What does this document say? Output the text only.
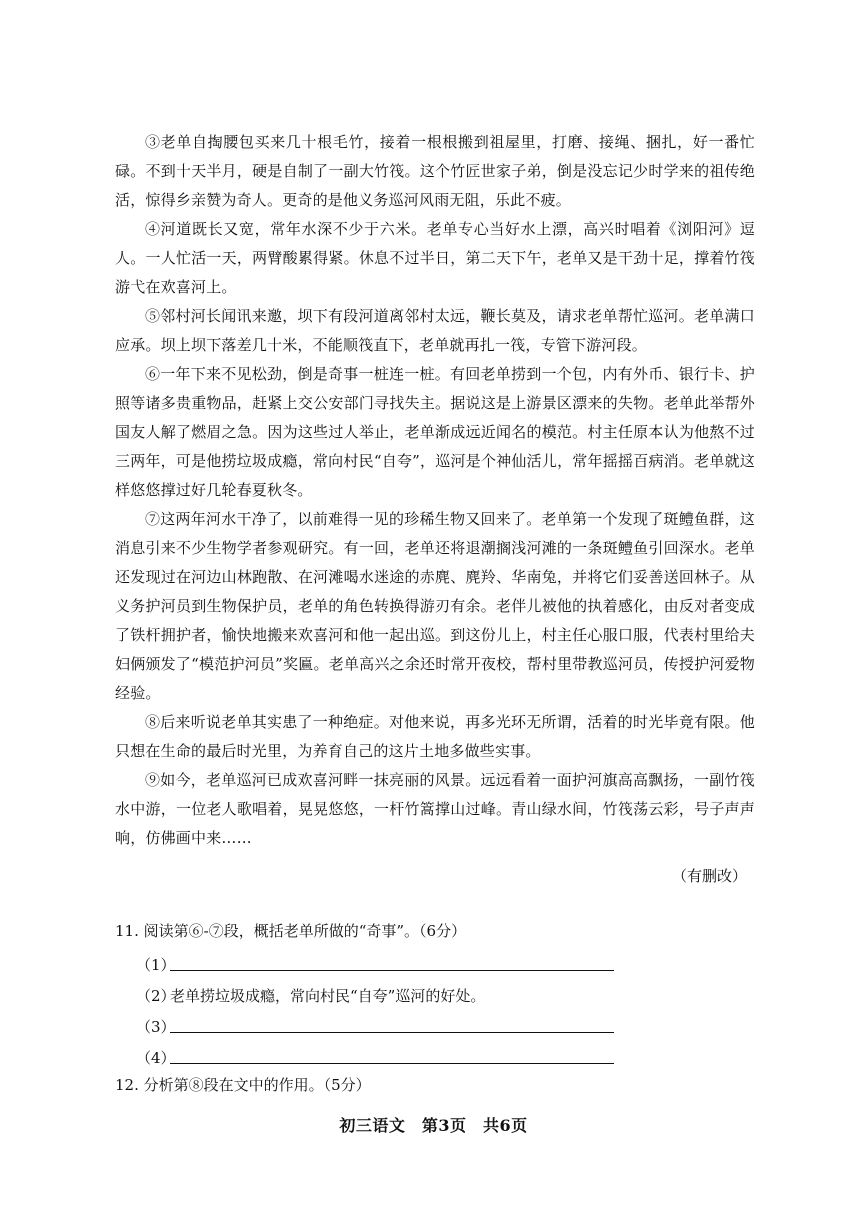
③老单自掏腰包买来几十根毛竹，接着一根根搬到祖屋里，打磨、接绳、捆扎，好一番忙碌。不到十天半月，硬是自制了一副大竹筏。这个竹匠世家子弟，倒是没忘记少时学来的祖传绝活，惊得乡亲赞为奇人。更奇的是他义务巡河风雨无阻，乐此不疲。

④河道既长又宽，常年水深不少于六米。老单专心当好水上漂，高兴时唱着《浏阳河》逗人。一人忙活一天，两臂酸累得紧。休息不过半日，第二天下午，老单又是干劲十足，撑着竹筏游弋在欢喜河上。

⑤邻村河长闻讯来邀，坝下有段河道离邻村太远，鞭长莫及，请求老单帮忙巡河。老单满口应承。坝上坝下落差几十米，不能顺筏直下，老单就再扎一筏，专管下游河段。

⑥一年下来不见松劲，倒是奇事一桩连一桩。有回老单捞到一个包，内有外币、银行卡、护照等诸多贵重物品，赶紧上交公安部门寻找失主。据说这是上游景区漂来的失物。老单此举帮外国友人解了燃眉之急。因为这些过人举止，老单渐成远近闻名的模范。村主任原本认为他熬不过三两年，可是他捞垃圾成瘾，常向村民“自夸”，巡河是个神仙活儿，常年摇摇百病消。老单就这样悠悠撑过好几轮春夏秋冬。

⑦这两年河水干净了，以前难得一见的珍稀生物又回来了。老单第一个发现了斑鳢鱼群，这消息引来不少生物学者参观研究。有一回，老单还将退潮搁浅河滩的一条斑鳢鱼引回深水。老单还发现过在河边山林跑散、在河滩喝水迷途的赤麂、麂羚、华南兔，并将它们妥善送回林子。从义务护河员到生物保护员，老单的角色转换得游刃有余。老伴儿被他的执着感化，由反对者变成了铁杆拥护者，愉快地搬来欢喜河和他一起出巡。到这份儿上，村主任心服口服，代表村里给夫妇俩颁发了“模范护河员”奖匾。老单高兴之余还时常开夜校，帮村里带教巡河员，传授护河爱物经验。

⑧后来听说老单其实患了一种绝症。对他来说，再多光环无所谓，活着的时光毕竟有限。他只想在生命的最后时光里，为养育自己的这片土地多做些实事。

⑨如今，老单巡河已成欢喜河畔一抹亮丽的风景。远远看着一面护河旗高高飘扬，一副竹筏水中游，一位老人歌唱着，晃晃悠悠，一杆竹篙撑山过峰。青山绿水间，竹筏荡云彩，号子声声响，仿佛画中来……

（有删改）
11. 阅读第⑥-⑦段，概括老单所做的“奇事”。（6分）
（1）
（2）
老单捞垃圾成瘾，常向村民“自夸”巡河的好处。
（3）
（4）
12. 分析第⑧段在文中的作用。（5分）
初三语文　第3页　共6页
